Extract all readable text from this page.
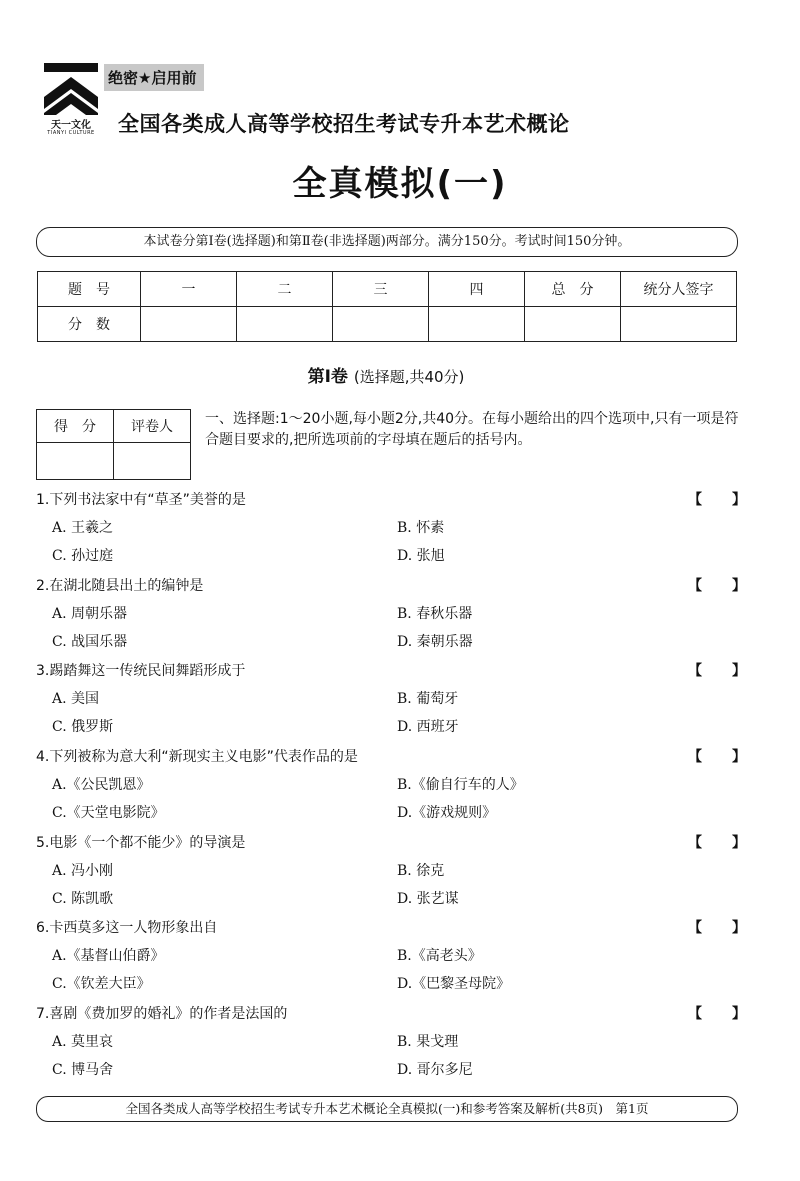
天一文化
TIANYI CULTURE
绝密★启用前
全国各类成人高等学校招生考试专升本艺术概论
全真模拟(一)
本试卷分第Ⅰ卷(选择题)和第Ⅱ卷(非选择题)两部分。满分150分。考试时间150分钟。
题　号	一	二	三	四	总　分	统分人签字
分　数						
第Ⅰ卷 (选择题,共40分)
得　分	评卷人
	一、选择题:1～20小题,每小题2分,共40分。在每小题给出的四个选项中,只有一项是符合题目要求的,把所选项前的字母填在题后的括号内。
1.下列书法家中有“草圣”美誉的是	【】
A. 王羲之	B. 怀素
C. 孙过庭	D. 张旭
2.在湖北随县出土的编钟是	【】
A. 周朝乐器	B. 春秋乐器
C. 战国乐器	D. 秦朝乐器
3.踢踏舞这一传统民间舞蹈形成于	【】
A. 美国	B. 葡萄牙
C. 俄罗斯	D. 西班牙
4.下列被称为意大利“新现实主义电影”代表作品的是	【】
A.《公民凯恩》	B.《偷自行车的人》
C.《天堂电影院》	D.《游戏规则》
5.电影《一个都不能少》的导演是	【】
A. 冯小刚	B. 徐克
C. 陈凯歌	D. 张艺谋
6.卡西莫多这一人物形象出自	【】
A.《基督山伯爵》	B.《高老头》
C.《钦差大臣》	D.《巴黎圣母院》
7.喜剧《费加罗的婚礼》的作者是法国的	【】
A. 莫里哀	B. 果戈理
C. 博马舍	D. 哥尔多尼
全国各类成人高等学校招生考试专升本艺术概论全真模拟(一)和参考答案及解析(共8页)　第1页
